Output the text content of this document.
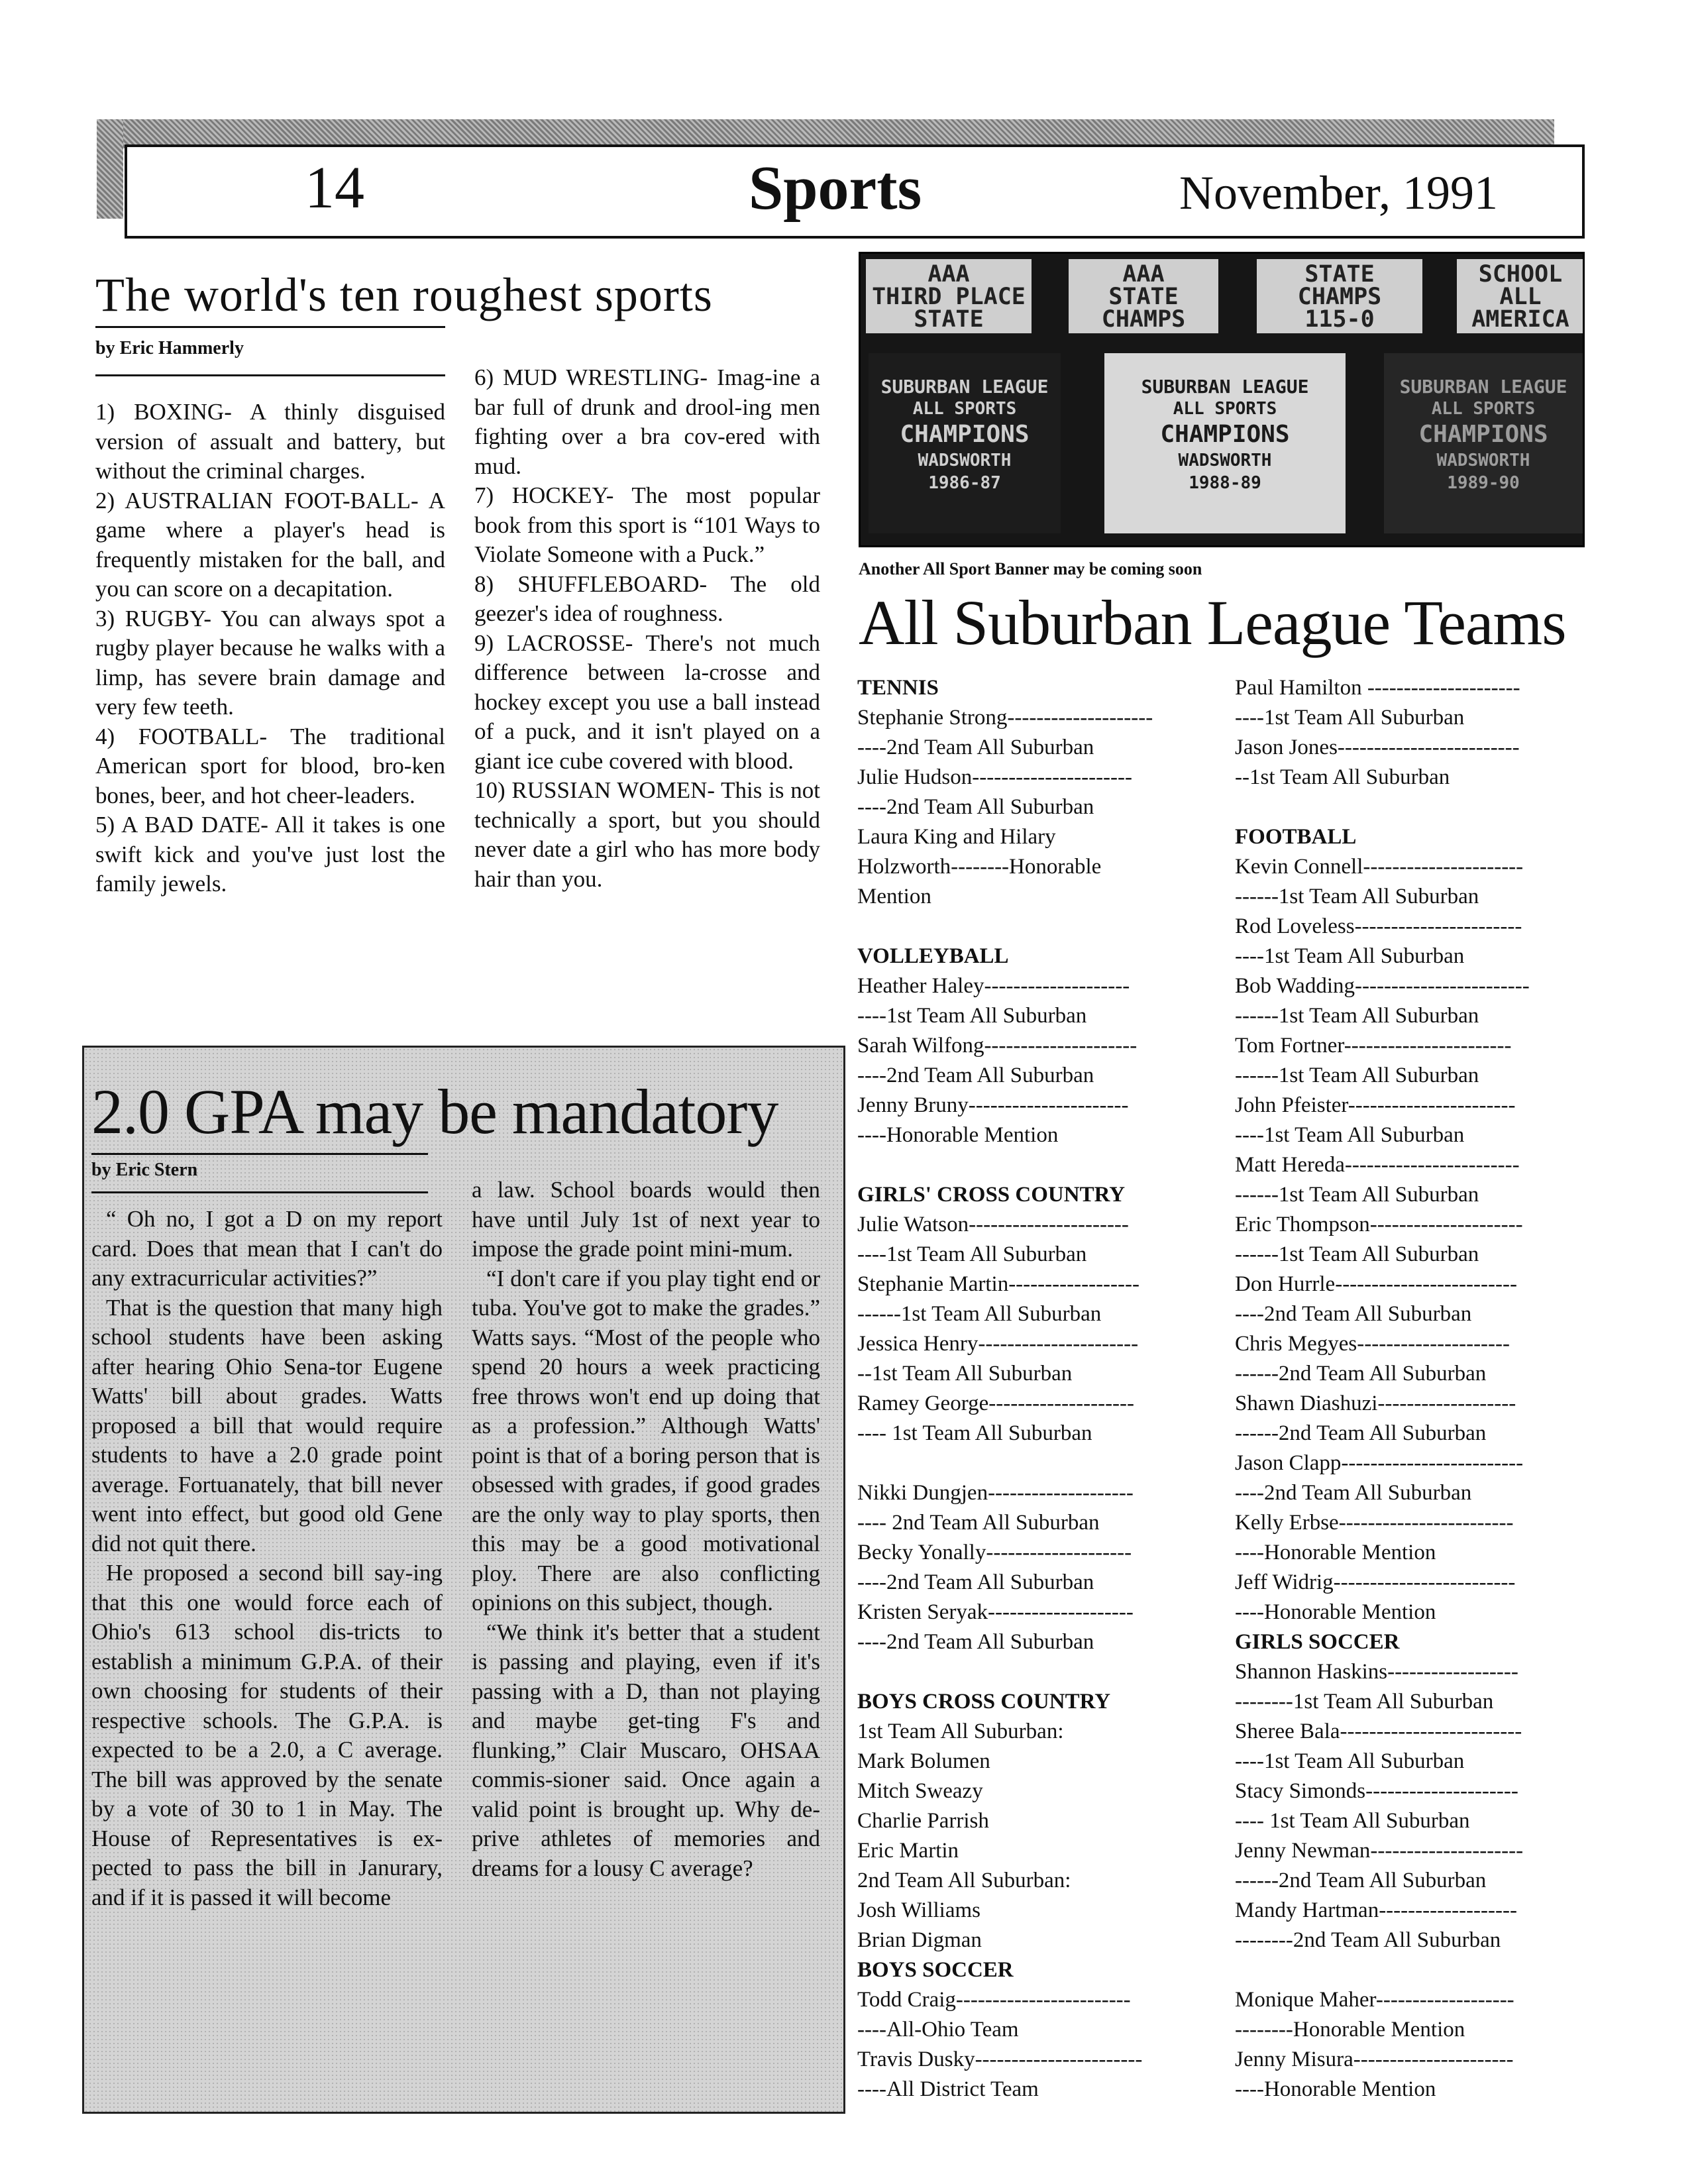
14	Sports	November, 1991
The world's ten roughest sports
by Eric Hammerly

1) BOXING- A thinly disguised version of assualt and battery, but without the criminal charges.

2) AUSTRALIAN FOOT-BALL- A game where a player's head is frequently mistaken for the ball, and you can score on a decapitation.

3) RUGBY- You can always spot a rugby player because he walks with a limp, has severe brain damage and very few teeth.

4) FOOTBALL- The traditional American sport for blood, bro-ken bones, beer, and hot cheer-leaders.

5) A BAD DATE- All it takes is one swift kick and you've just lost the family jewels.

6) MUD WRESTLING- Imag-ine a bar full of drunk and drool-ing men fighting over a bra cov-ered with mud.

7) HOCKEY- The most popular book from this sport is “101 Ways to Violate Someone with a Puck.”

8) SHUFFLEBOARD- The old geezer's idea of roughness.

9) LACROSSE- There's not much difference between la-crosse and hockey except you use a ball instead of a puck, and it isn't played on a giant ice cube covered with blood.

10) RUSSIAN WOMEN- This is not technically a sport, but you should never date a girl who has more body hair than you.

AAA
THIRD PLACE
STATE
AAA
STATE
CHAMPS
STATE
CHAMPS
115-0
SCHOOL
ALL
AMERICA
SUBURBAN LEAGUE
ALL SPORTS
CHAMPIONS
WADSWORTH
1986-87
SUBURBAN LEAGUE
ALL SPORTS
CHAMPIONS
WADSWORTH
1988-89
SUBURBAN LEAGUE
ALL SPORTS
CHAMPIONS
WADSWORTH
1989-90
Another All Sport Banner may be coming soon
All Suburban League Teams
TENNIS
Stephanie Strong--------------------
----2nd Team All Suburban
Julie Hudson----------------------
----2nd Team All Suburban
Laura King and Hilary
Holzworth--------Honorable
Mention

VOLLEYBALL
Heather Haley--------------------
----1st Team All Suburban
Sarah Wilfong---------------------
----2nd Team All Suburban
Jenny Bruny----------------------
----Honorable Mention

GIRLS' CROSS COUNTRY
Julie Watson----------------------
----1st Team All Suburban
Stephanie Martin------------------
------1st Team All Suburban
Jessica Henry----------------------
--1st Team All Suburban
Ramey George--------------------
---- 1st Team All Suburban

Nikki Dungjen--------------------
---- 2nd Team All Suburban
Becky Yonally--------------------
----2nd Team All Suburban
Kristen Seryak--------------------
----2nd Team All Suburban

BOYS CROSS COUNTRY
1st Team All Suburban:
Mark Bolumen
Mitch Sweazy
Charlie Parrish
Eric Martin
2nd Team All Suburban:
Josh Williams
Brian Digman
BOYS SOCCER
Todd Craig------------------------
----All-Ohio Team
Travis Dusky-----------------------
----All District Team
Paul Hamilton ---------------------
----1st Team All Suburban
Jason Jones-------------------------
--1st Team All Suburban

FOOTBALL
Kevin Connell----------------------
------1st Team All Suburban
Rod Loveless-----------------------
----1st Team All Suburban
Bob Wadding------------------------
------1st Team All Suburban
Tom Fortner-----------------------
------1st Team All Suburban
John Pfeister-----------------------
----1st Team All Suburban
Matt Hereda------------------------
------1st Team All Suburban
Eric Thompson---------------------
------1st Team All Suburban
Don Hurrle-------------------------
----2nd Team All Suburban
Chris Megyes---------------------
------2nd Team All Suburban
Shawn Diashuzi-------------------
------2nd Team All Suburban
Jason Clapp-------------------------
----2nd Team All Suburban
Kelly Erbse------------------------
----Honorable Mention
Jeff Widrig-------------------------
----Honorable Mention
GIRLS SOCCER
Shannon Haskins------------------
--------1st Team All Suburban
Sheree Bala-------------------------
----1st Team All Suburban
Stacy Simonds---------------------
---- 1st Team All Suburban
Jenny Newman---------------------
------2nd Team All Suburban
Mandy Hartman-------------------
--------2nd Team All Suburban

Monique Maher-------------------
--------Honorable Mention
Jenny Misura----------------------
----Honorable Mention
2.0 GPA may be mandatory
by Eric Stern

“ Oh no, I got a D on my report card. Does that mean that I can't do any extracurricular activities?”

That is the question that many high school students have been asking after hearing Ohio Sena-tor Eugene Watts' bill about grades. Watts proposed a bill that would require students to have a 2.0 grade point average. Fortuanately, that bill never went into effect, but good old Gene did not quit there.

He proposed a second bill say-ing that this one would force each of Ohio's 613 school dis-tricts to establish a minimum G.P.A. of their own choosing for students of their respective schools. The G.P.A. is expected to be a 2.0, a C average. The bill was approved by the senate by a vote of 30 to 1 in May. The House of Representatives is ex-pected to pass the bill in Janurary, and if it is passed it will become

a law. School boards would then have until July 1st of next year to impose the grade point mini-mum.

“I don't care if you play tight end or tuba. You've got to make the grades.” Watts says. “Most of the people who spend 20 hours a week practicing free throws won't end up doing that as a profession.” Although Watts' point is that of a boring person that is obsessed with grades, if good grades are the only way to play sports, then this may be a good motivational ploy. There are also conflicting opinions on this subject, though.

“We think it's better that a student is passing and playing, even if it's passing with a D, than not playing and maybe get-ting F's and flunking,” Clair Muscaro, OHSAA commis-sioner said. Once again a valid point is brought up. Why de-prive athletes of memories and dreams for a lousy C average?
